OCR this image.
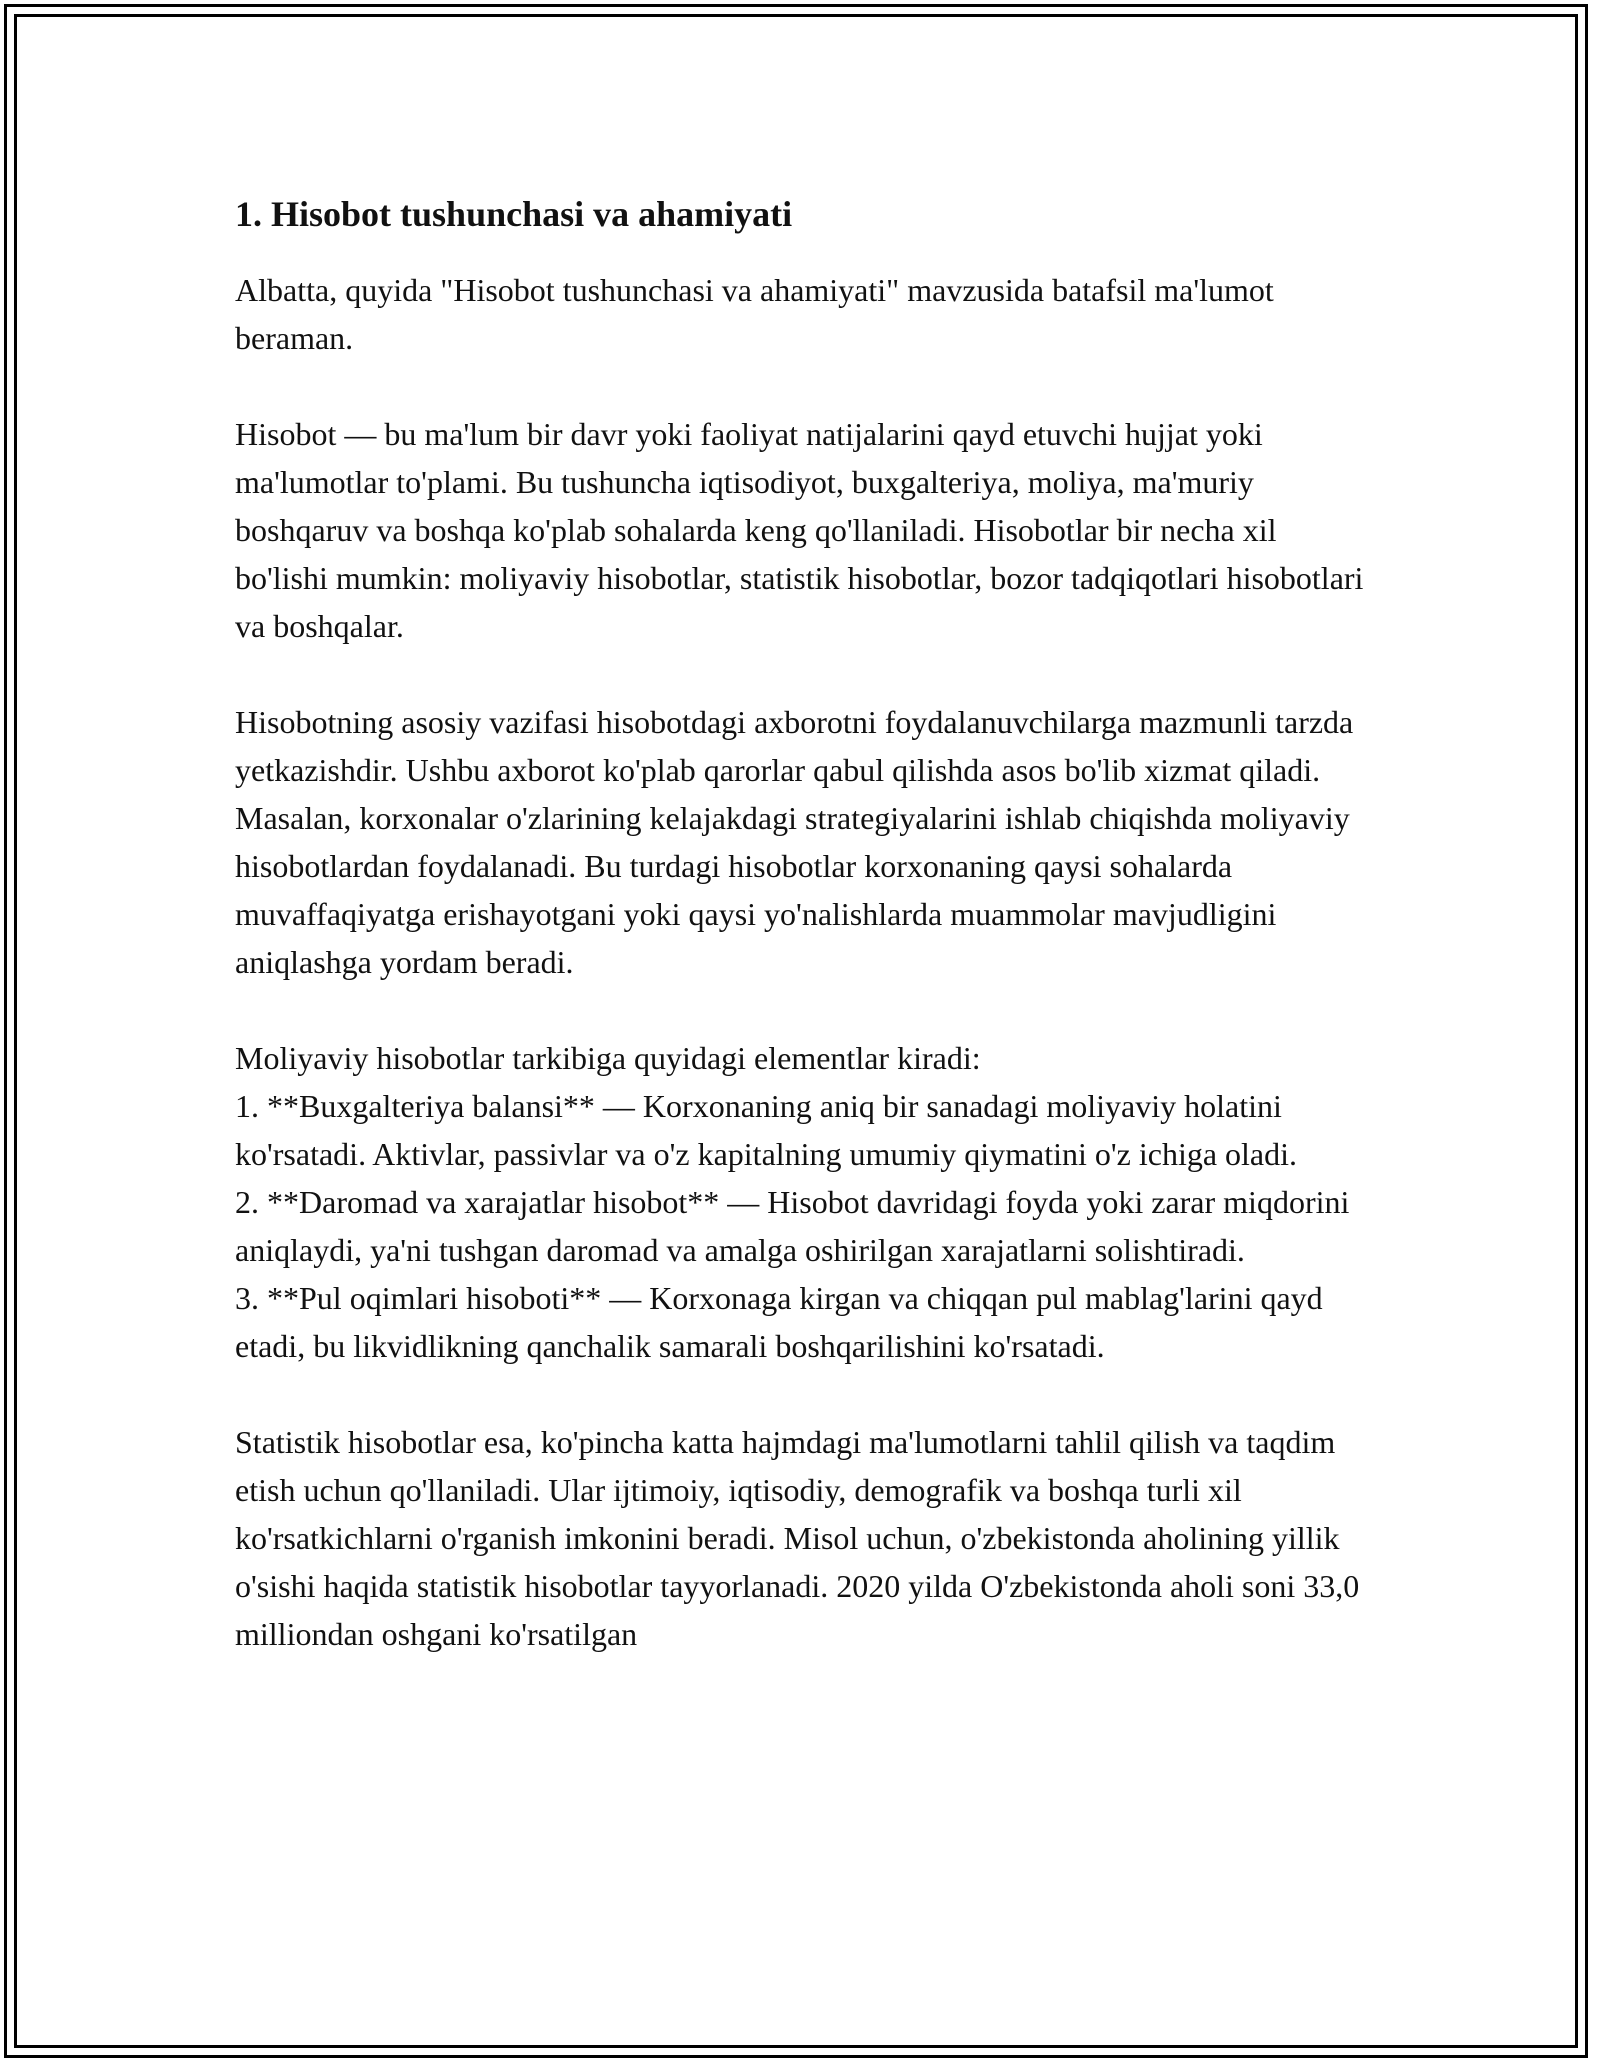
1. Hisobot tushunchasi va ahamiyati

Albatta, quyida "Hisobot tushunchasi va ahamiyati" mavzusida batafsil ma'lumot beraman.

Hisobot — bu ma'lum bir davr yoki faoliyat natijalarini qayd etuvchi hujjat yoki ma'lumotlar to'plami. Bu tushuncha iqtisodiyot, buxgalteriya, moliya, ma'muriy boshqaruv va boshqa ko'plab sohalarda keng qo'llaniladi. Hisobotlar bir necha xil bo'lishi mumkin: moliyaviy hisobotlar, statistik hisobotlar, bozor tadqiqotlari hisobotlari va boshqalar.

Hisobotning asosiy vazifasi hisobotdagi axborotni foydalanuvchilarga mazmunli tarzda yetkazishdir. Ushbu axborot ko'plab qarorlar qabul qilishda asos bo'lib xizmat qiladi. Masalan, korxonalar o'zlarining kelajakdagi strategiyalarini ishlab chiqishda moliyaviy hisobotlardan foydalanadi. Bu turdagi hisobotlar korxonaning qaysi sohalarda muvaffaqiyatga erishayotgani yoki qaysi yo'nalishlarda muammolar mavjudligini aniqlashga yordam beradi.

Moliyaviy hisobotlar tarkibiga quyidagi elementlar kiradi:
1. **Buxgalteriya balansi** — Korxonaning aniq bir sanadagi moliyaviy holatini ko'rsatadi. Aktivlar, passivlar va o'z kapitalning umumiy qiymatini o'z ichiga oladi.
2. **Daromad va xarajatlar hisobot** — Hisobot davridagi foyda yoki zarar miqdorini aniqlaydi, ya'ni tushgan daromad va amalga oshirilgan xarajatlarni solishtiradi.
3. **Pul oqimlari hisoboti** — Korxonaga kirgan va chiqqan pul mablag'larini qayd etadi, bu likvidlikning qanchalik samarali boshqarilishini ko'rsatadi.

Statistik hisobotlar esa, ko'pincha katta hajmdagi ma'lumotlarni tahlil qilish va taqdim etish uchun qo'llaniladi. Ular ijtimoiy, iqtisodiy, demografik va boshqa turli xil ko'rsatkichlarni o'rganish imkonini beradi. Misol uchun, o'zbekistonda aholining yillik o'sishi haqida statistik hisobotlar tayyorlanadi. 2020 yilda O'zbekistonda aholi soni 33,0 milliondan oshgani ko'rsatilgan
